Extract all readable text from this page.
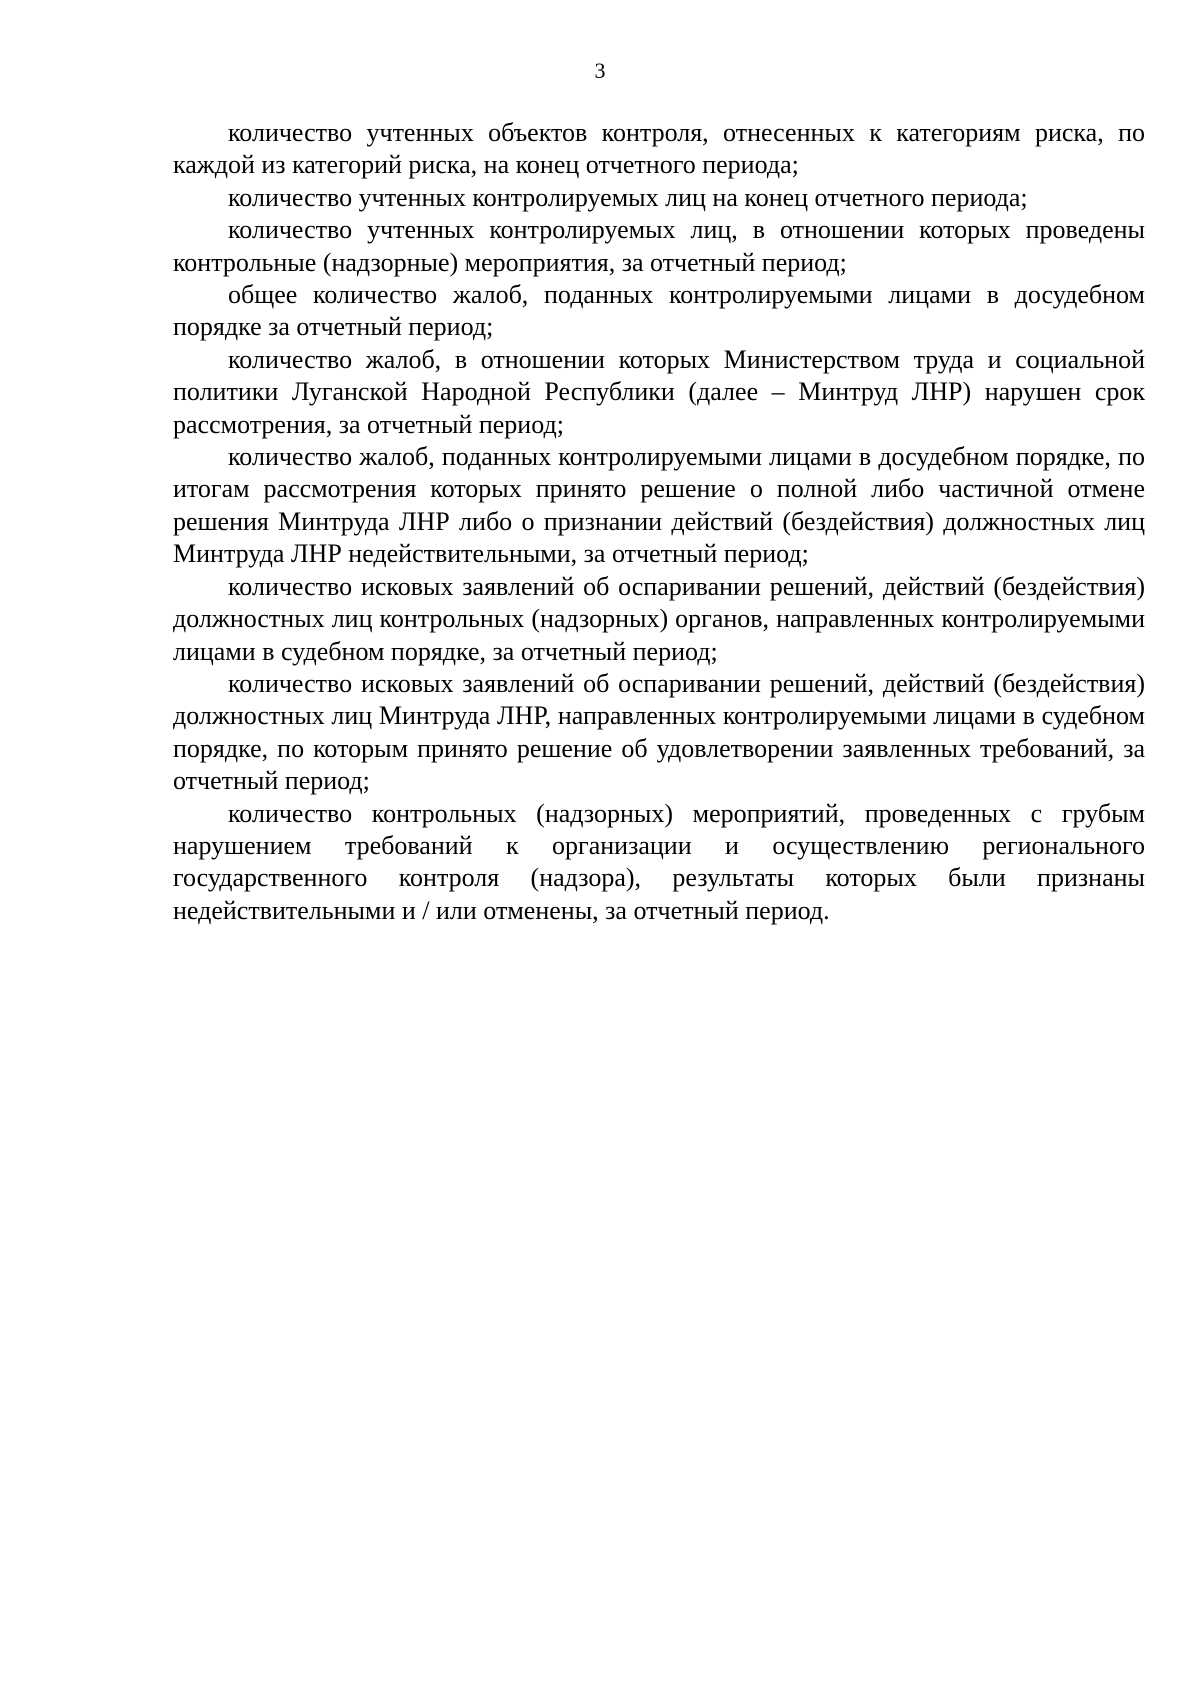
3

количество учтенных объектов контроля, отнесенных к категориям риска, по каждой из категорий риска, на конец отчетного периода;

количество учтенных контролируемых лиц на конец отчетного периода;

количество учтенных контролируемых лиц, в отношении которых проведены контрольные (надзорные) мероприятия, за отчетный период;

общее количество жалоб, поданных контролируемыми лицами в досудебном порядке за отчетный период;

количество жалоб, в отношении которых Министерством труда и социальной политики Луганской Народной Республики (далее – Минтруд ЛНР) нарушен срок рассмотрения, за отчетный период;

количество жалоб, поданных контролируемыми лицами в досудебном порядке, по итогам рассмотрения которых принято решение о полной либо частичной отмене решения Минтруда ЛНР либо о признании действий (бездействия) должностных лиц Минтруда ЛНР недействительными, за отчетный период;

количество исковых заявлений об оспаривании решений, действий (бездействия) должностных лиц контрольных (надзорных) органов, направленных контролируемыми лицами в судебном порядке, за отчетный период;

количество исковых заявлений об оспаривании решений, действий (бездействия) должностных лиц Минтруда ЛНР, направленных контролируемыми лицами в судебном порядке, по которым принято решение об удовлетворении заявленных требований, за отчетный период;

количество контрольных (надзорных) мероприятий, проведенных с грубым нарушением требований к организации и осуществлению регионального государственного контроля (надзора), результаты которых были признаны недействительными и / или отменены, за отчетный период.
